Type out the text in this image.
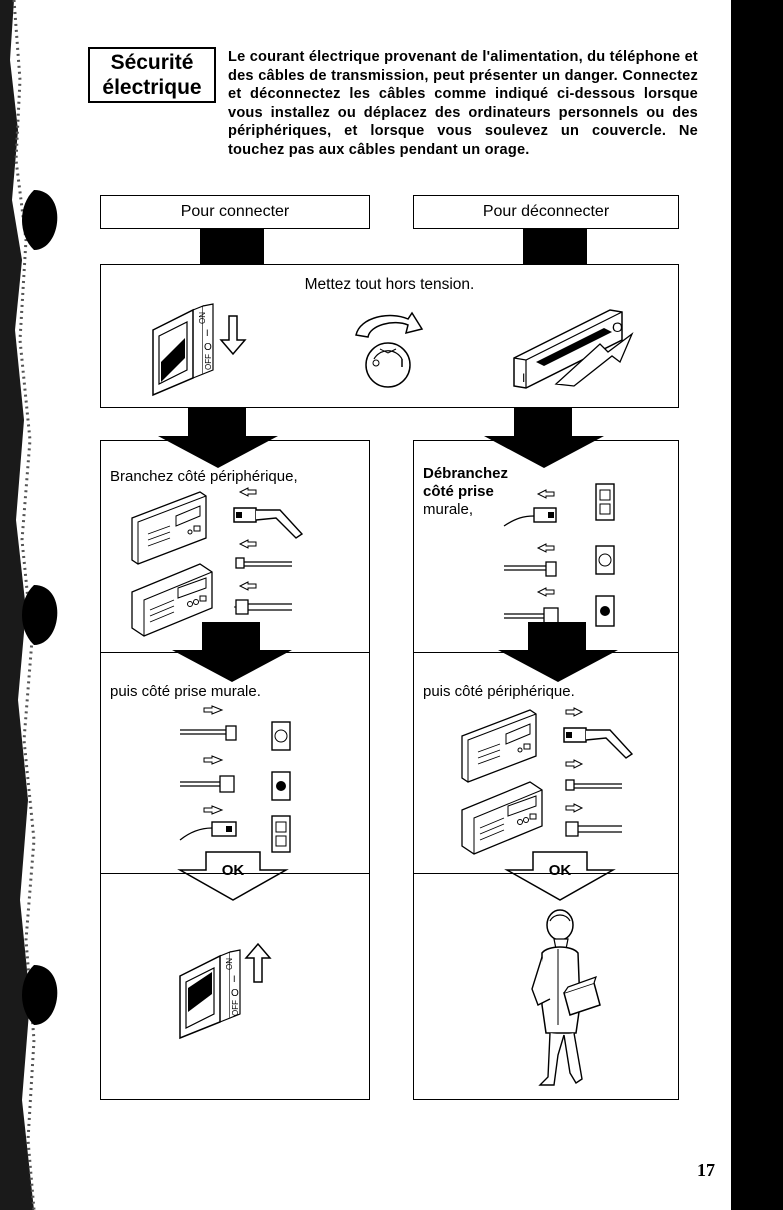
Sécurité
électrique
Le courant électrique provenant de l'alimentation, du téléphone et des câbles de transmission, peut présenter un danger. Connectez et déconnectez les câbles comme indiqué ci-dessous lorsque vous installez ou déplacez des ordinateurs personnels ou des périphériques, et lorsque vous soulevez un couvercle. Ne touchez pas aux câbles pendant un orage.
Pour connecter	Pour déconnecter
Mettez tout hors tension.
ON
I
O
OFF
I
O
Branchez côté périphérique,
puis côté prise murale.
OK
ON
I
O
OFF
Débranchez
côté prise
murale,
puis côté périphérique.
OK
17
